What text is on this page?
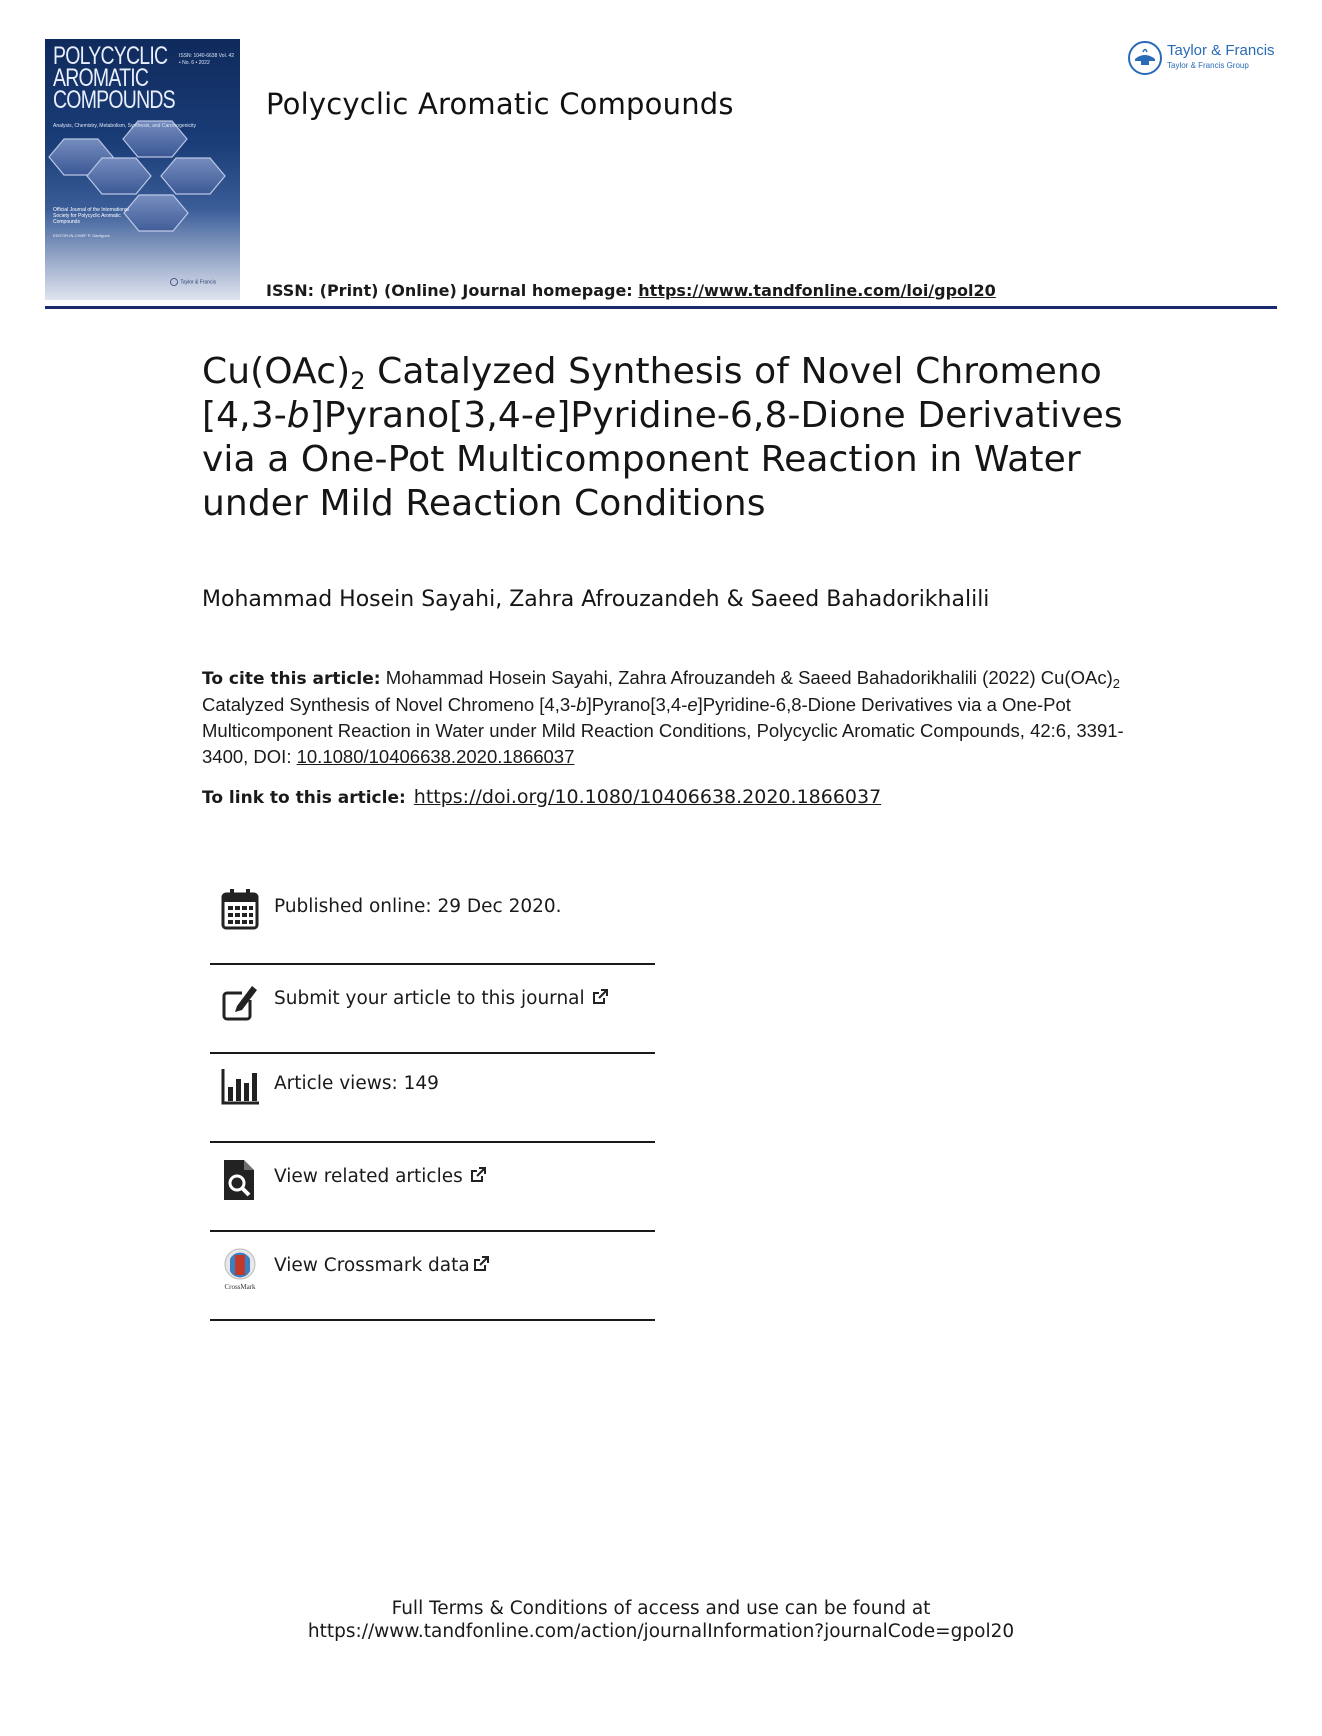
POLYCYCLIC
AROMATIC
COMPOUNDS
ISSN: 1040-6638 Vol. 42 • No. 6 • 2022
Analysis, Chemistry, Metabolism, Synthesis, and Carcinogenicity
Official Journal of the International Society for Polycyclic Aromatic Compounds
EDITOR-IN-CHIEF P. Garrigues
Taylor & Francis
Polycyclic Aromatic Compounds
Taylor & Francis
Taylor & Francis Group
ISSN: (Print) (Online) Journal homepage: https://www.tandfonline.com/loi/gpol20
$Cu(OAc)_2$ Catalyzed Synthesis of Novel Chromeno
[4,3-b]Pyrano[3,4-e]Pyridine-6,8-Dione Derivatives
via a One-Pot Multicomponent Reaction in Water
under Mild Reaction Conditions
Mohammad Hosein Sayahi, Zahra Afrouzandeh & Saeed Bahadorikhalili
To cite this article: Mohammad Hosein Sayahi, Zahra Afrouzandeh & Saeed Bahadorikhalili (2022) $Cu(OAc)_2$ Catalyzed Synthesis of Novel Chromeno [4,3-b]Pyrano[3,4-e]Pyridine-6,8-Dione Derivatives via a One-Pot Multicomponent Reaction in Water under Mild Reaction Conditions, Polycyclic Aromatic Compounds, 42:6, 3391-3400, DOI: 10.1080/10406638.2020.1866037
To link to this article: https://doi.org/10.1080/10406638.2020.1866037
Published online: 29 Dec 2020.
Submit your article to this journal
Article views: 149
View related articles
CrossMark
View Crossmark data
Full Terms & Conditions of access and use can be found at
https://www.tandfonline.com/action/journalInformation?journalCode=gpol20
